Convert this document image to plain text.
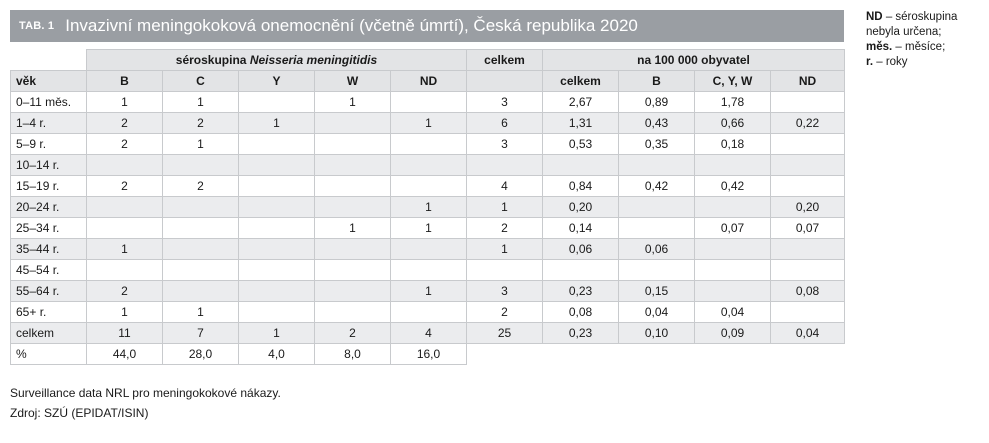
TAB. 1 Invazivní meningokoková onemocnění (včetně úmrtí), Česká republika 2020	ND – séroskupina nebyla určena;
měs. – měsíce;
r. – roky
	séroskupina Neisseria meningitidis					celkem	na 100 000 obyvatel			
věk	B	C	Y	W	ND		celkem	B	C, Y, W	ND
0–11 měs.	1	1		1		3	2,67	0,89	1,78	
1–4 r.	2	2	1		1	6	1,31	0,43	0,66	0,22
5–9 r.	2	1				3	0,53	0,35	0,18	
10–14 r.										
15–19 r.	2	2				4	0,84	0,42	0,42	
20–24 r.					1	1	0,20			0,20
25–34 r.				1	1	2	0,14		0,07	0,07
35–44 r.	1					1	0,06	0,06		
45–54 r.										
55–64 r.	2				1	3	0,23	0,15		0,08
65+ r.	1	1				2	0,08	0,04	0,04	
celkem	11	7	1	2	4	25	0,23	0,10	0,09	0,04
%	44,0	28,0	4,0	8,0	16,0					
Surveillance data NRL pro meningokokové nákazy.
Zdroj: SZÚ (EPIDAT/ISIN)
